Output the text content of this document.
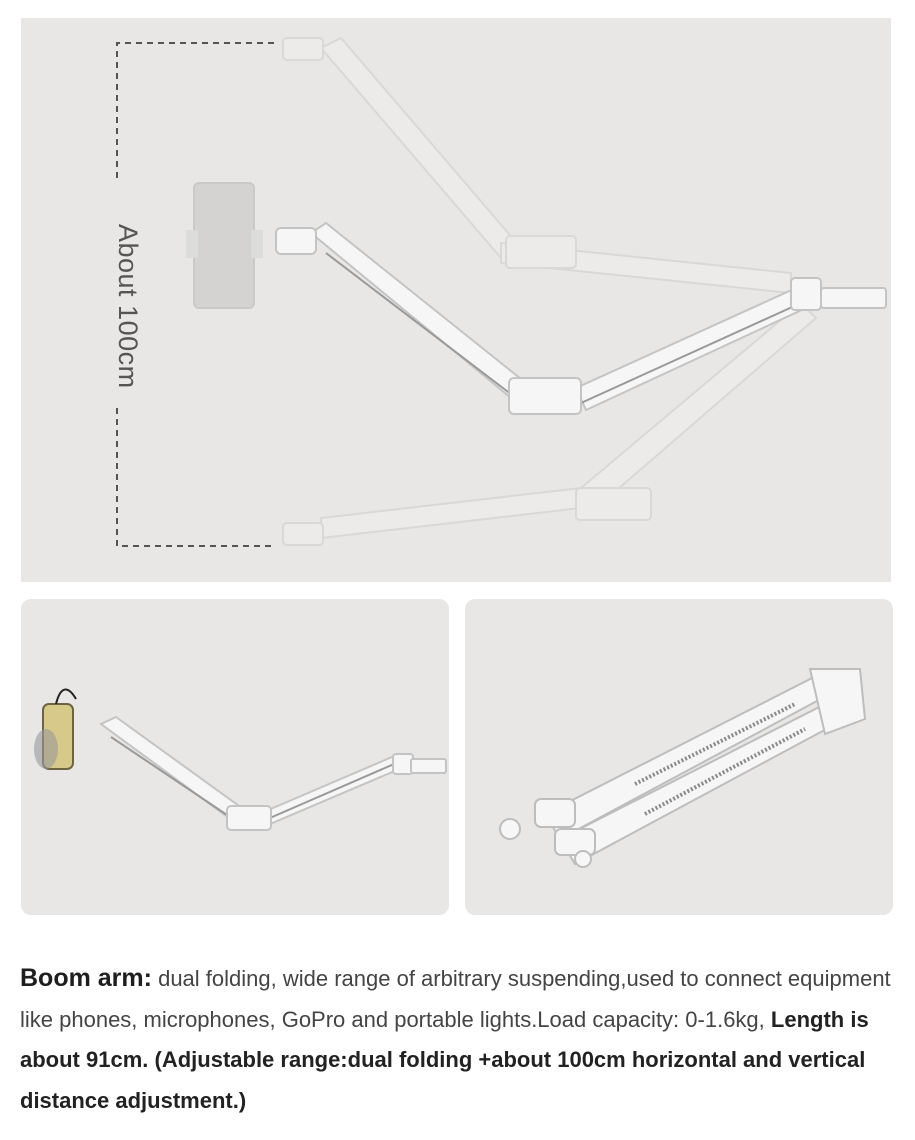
About 100cm
Boom arm: dual folding, wide range of arbitrary suspending,used to connect equipment like phones, microphones, GoPro and portable lights.Load capacity: 0-1.6kg, Length is about 91cm. (Adjustable range:dual folding +about 100cm horizontal and vertical distance adjustment.)
